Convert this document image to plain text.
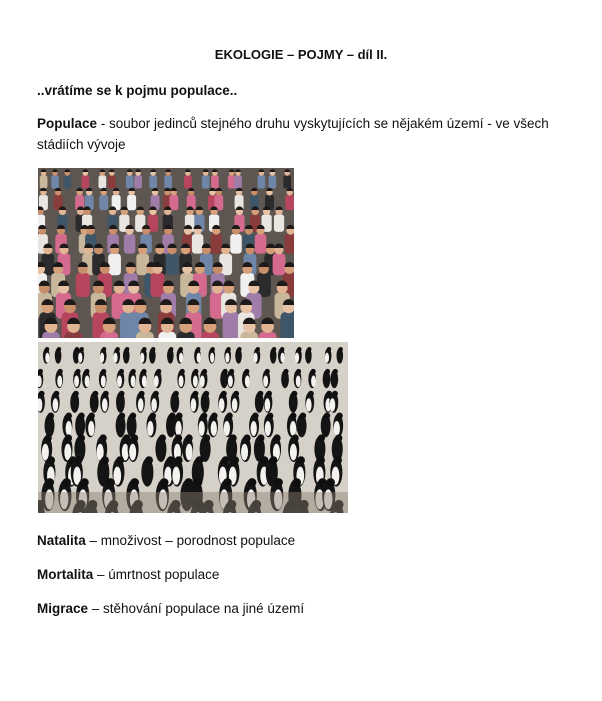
EKOLOGIE – POJMY – díl II.
..vrátíme se k pojmu populace..
Populace - soubor jedinců stejného druhu vyskytujících se nějakém území - ve všech stádiích vývoje
Natalita – množivost – porodnost populace
Mortalita – úmrtnost populace
Migrace – stěhování populace na jiné území
